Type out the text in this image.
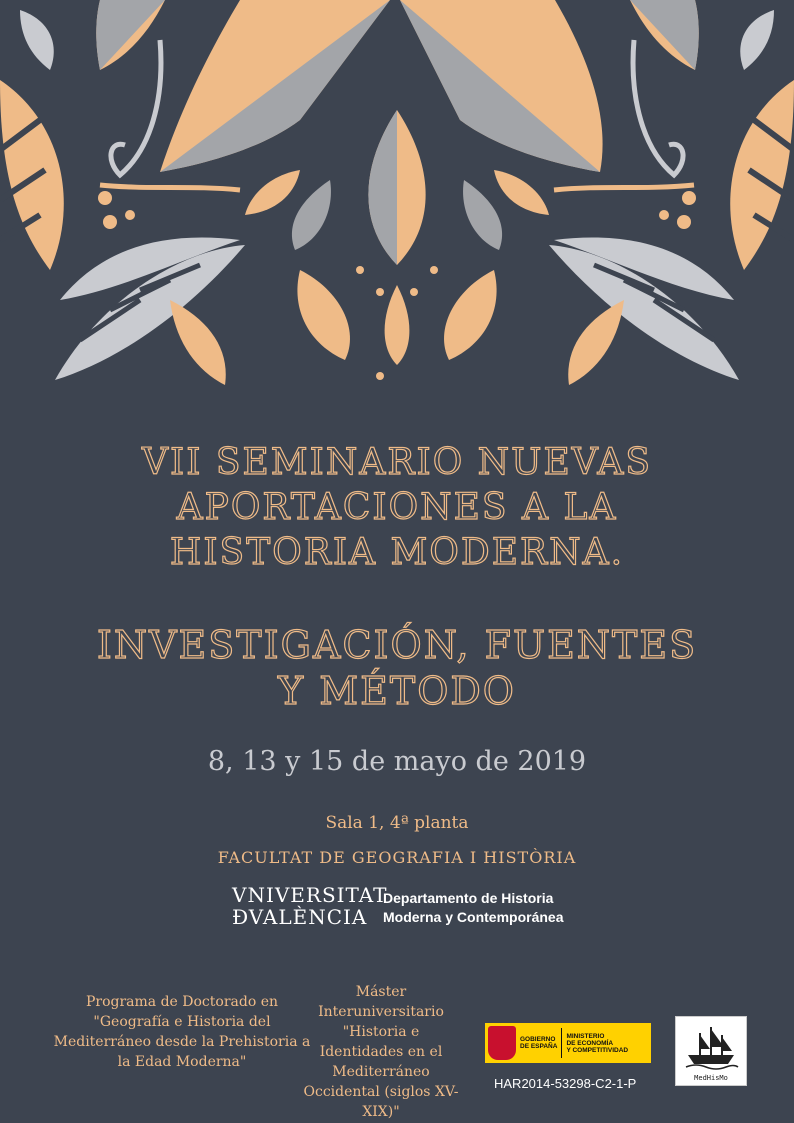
VII SEMINARIO NUEVAS
APORTACIONES A LA
HISTORIA MODERNA.
INVESTIGACIÓN, FUENTES
Y MÉTODO
8, 13 y 15 de mayo de 2019
Sala 1, 4ª planta
FACULTAT DE GEOGRAFIA I HISTÒRIA
VNIVERSITAT
ÐVALÈNCIA
Departamento de Historia
Moderna y Contemporánea
Programa de Doctorado en "Geografía e Historia del Mediterráneo desde la Prehistoria a la Edad Moderna"
Máster Interuniversitario "Historia e Identidades en el Mediterráneo Occidental (siglos XV-XIX)"
GOBIERNO
DE ESPAÑA
MINISTERIO
DE ECONOMÍA
Y COMPETITIVIDAD
HAR2014-53298-C2-1-P	MedHisMo
